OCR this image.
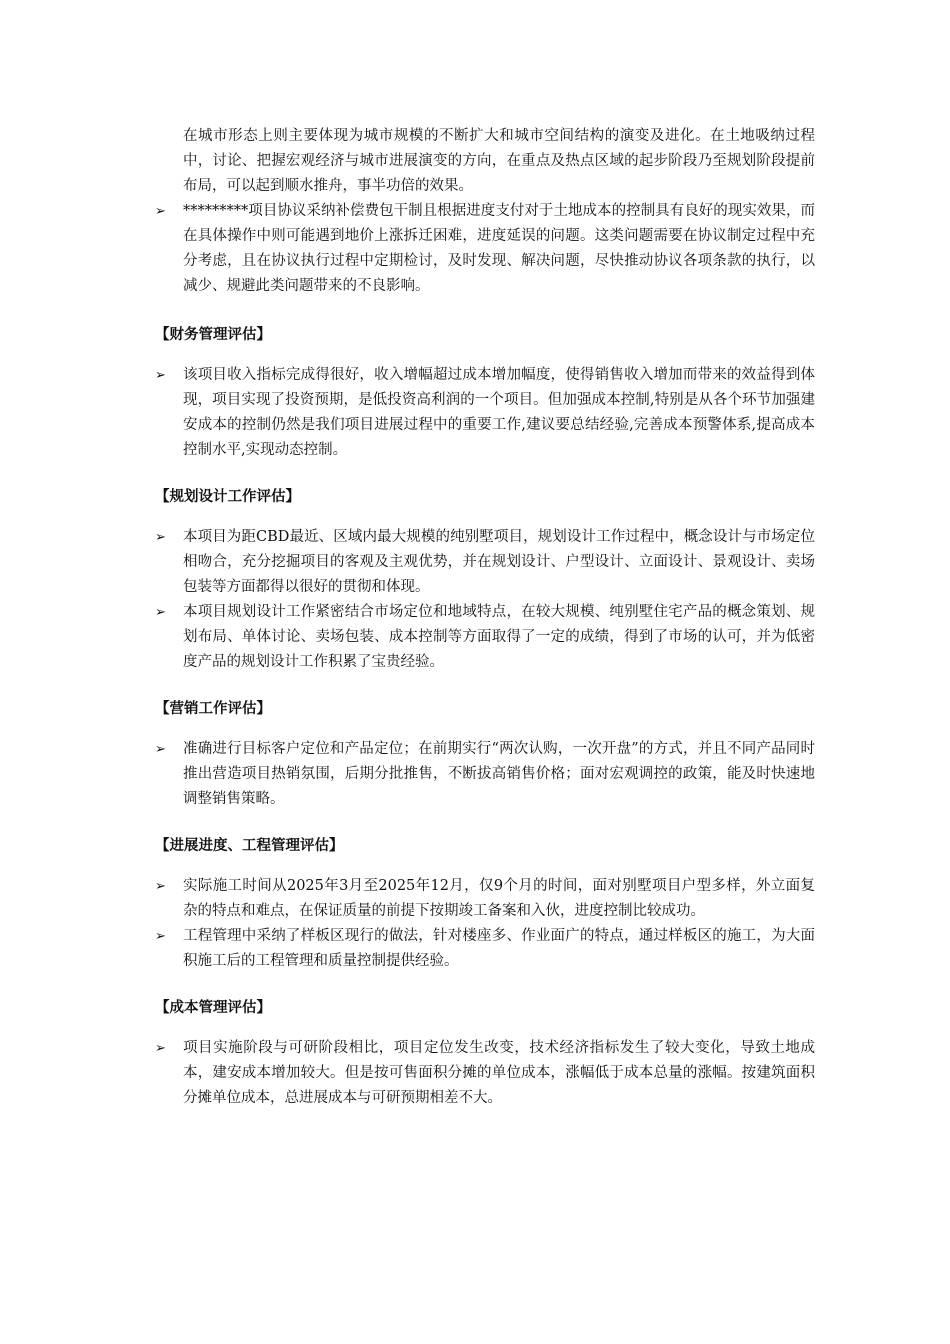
在城市形态上则主要体现为城市规模的不断扩大和城市空间结构的演变及进化。在土地吸纳过程中，讨论、把握宏观经济与城市进展演变的方向，在重点及热点区域的起步阶段乃至规划阶段提前布局，可以起到顺水推舟，事半功倍的效果。

➢	*********项目协议采纳补偿费包干制且根据进度支付对于土地成本的控制具有良好的现实效果，而在具体操作中则可能遇到地价上涨拆迁困难，进度延误的问题。这类问题需要在协议制定过程中充分考虑，且在协议执行过程中定期检讨，及时发现、解决问题，尽快推动协议各项条款的执行，以减少、规避此类问题带来的不良影响。

【财务管理评估】

➢	该项目收入指标完成得很好，收入增幅超过成本增加幅度，使得销售收入增加而带来的效益得到体现，项目实现了投资预期，是低投资高利润的一个项目。但加强成本控制,特别是从各个环节加强建安成本的控制仍然是我们项目进展过程中的重要工作,建议要总结经验,完善成本预警体系,提高成本控制水平,实现动态控制。

【规划设计工作评估】

➢	本项目为距CBD最近、区域内最大规模的纯别墅项目，规划设计工作过程中，概念设计与市场定位相吻合，充分挖掘项目的客观及主观优势，并在规划设计、户型设计、立面设计、景观设计、卖场包装等方面都得以很好的贯彻和体现。

➢	本项目规划设计工作紧密结合市场定位和地域特点，在较大规模、纯别墅住宅产品的概念策划、规划布局、单体讨论、卖场包装、成本控制等方面取得了一定的成绩，得到了市场的认可，并为低密度产品的规划设计工作积累了宝贵经验。

【营销工作评估】

➢	准确进行目标客户定位和产品定位；在前期实行“两次认购，一次开盘”的方式，并且不同产品同时推出营造项目热销氛围，后期分批推售，不断拔高销售价格；面对宏观调控的政策，能及时快速地调整销售策略。

【进展进度、工程管理评估】

➢	实际施工时间从2025年3月至2025年12月，仅9个月的时间，面对别墅项目户型多样，外立面复杂的特点和难点，在保证质量的前提下按期竣工备案和入伙，进度控制比较成功。

➢	工程管理中采纳了样板区现行的做法，针对楼座多、作业面广的特点，通过样板区的施工，为大面积施工后的工程管理和质量控制提供经验。

【成本管理评估】

➢	项目实施阶段与可研阶段相比，项目定位发生改变，技术经济指标发生了较大变化，导致土地成本，建安成本增加较大。但是按可售面积分摊的单位成本，涨幅低于成本总量的涨幅。按建筑面积分摊单位成本，总进展成本与可研预期相差不大。
